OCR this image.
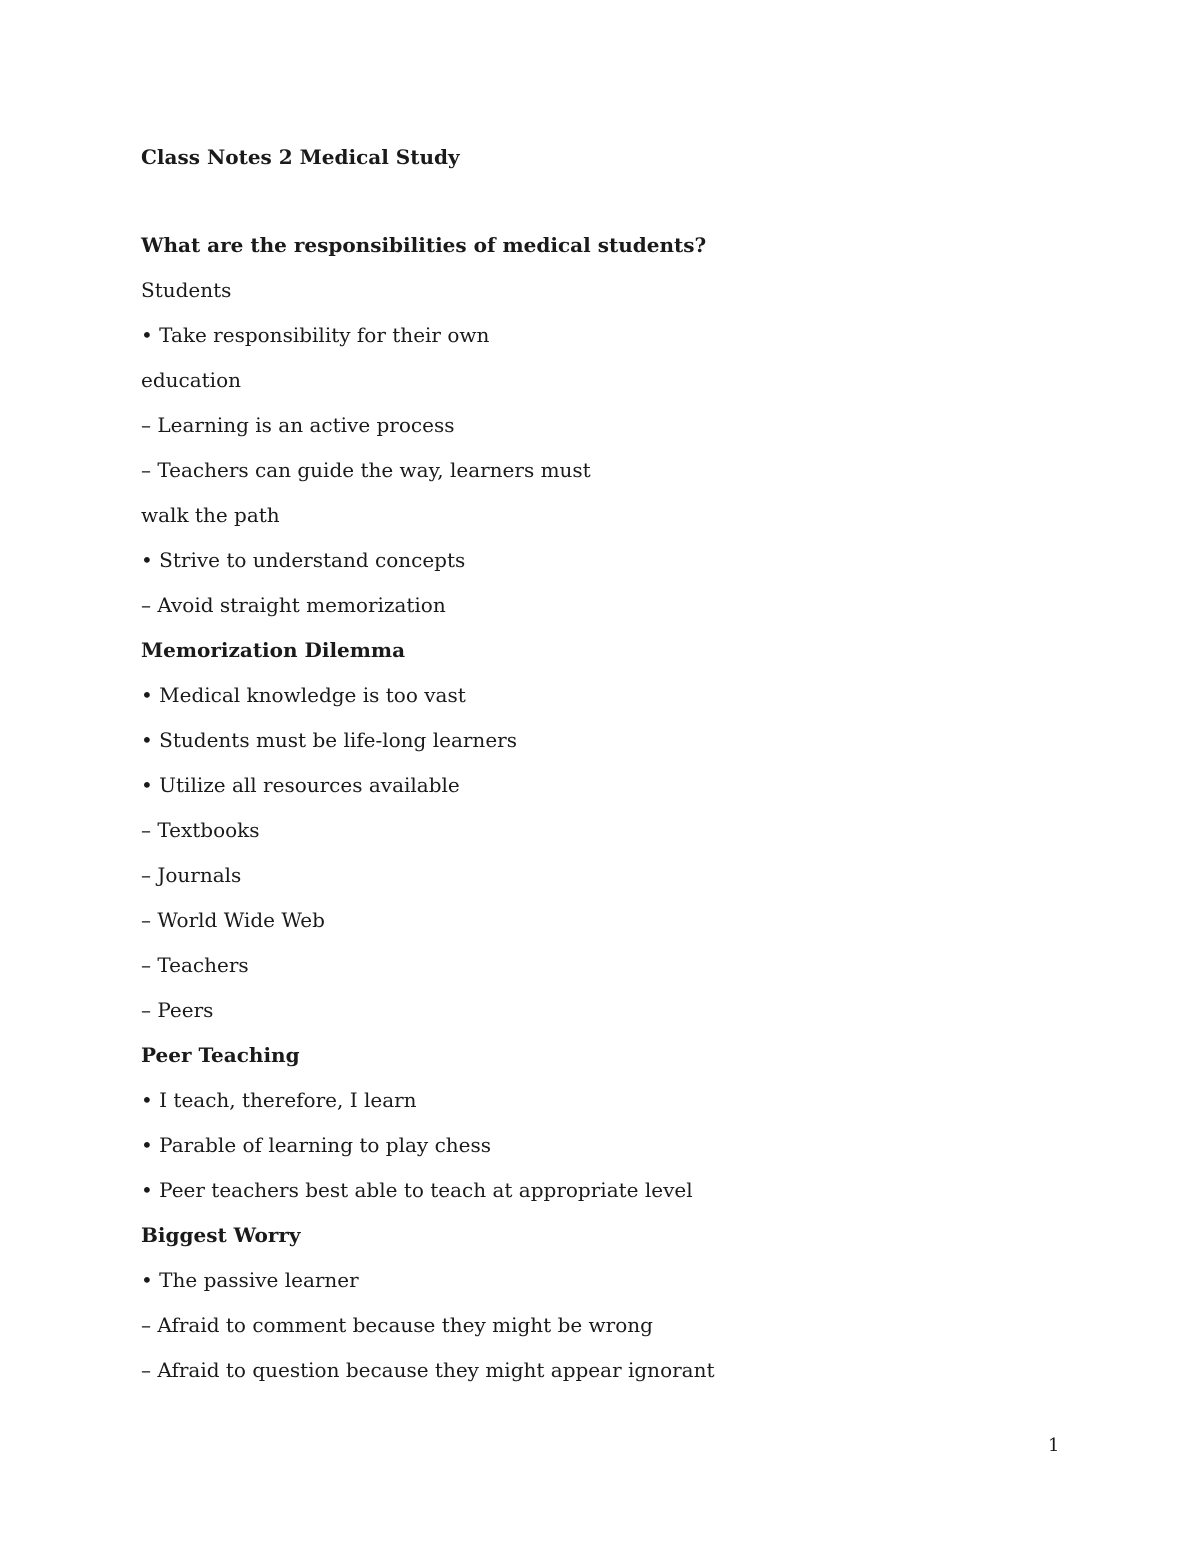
Class Notes 2 Medical Study
What are the responsibilities of medical students?
Students
• Take responsibility for their own
education
– Learning is an active process
– Teachers can guide the way, learners must
walk the path
• Strive to understand concepts
– Avoid straight memorization
Memorization Dilemma
• Medical knowledge is too vast
• Students must be life-long learners
• Utilize all resources available
– Textbooks
– Journals
– World Wide Web
– Teachers
– Peers
Peer Teaching
• I teach, therefore, I learn
• Parable of learning to play chess
• Peer teachers best able to teach at appropriate level
Biggest Worry
• The passive learner
– Afraid to comment because they might be wrong
– Afraid to question because they might appear ignorant
1
